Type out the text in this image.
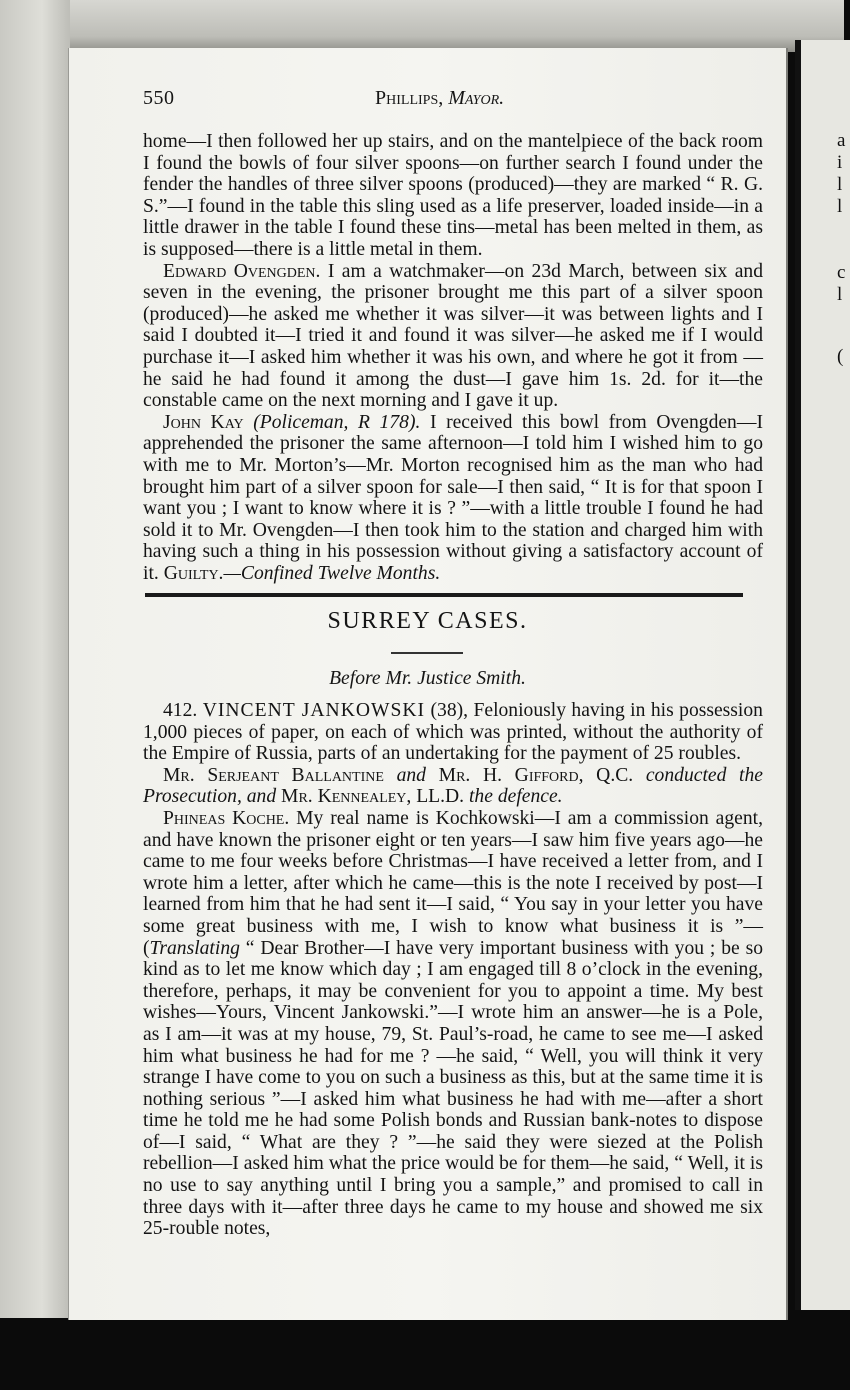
a
i
l
l
c
l
(
550	Phillips, Mayor.

home—I then followed her up stairs, and on the mantelpiece of the back room I found the bowls of four silver spoons—on further search I found under the fender the handles of three silver spoons (produced)—they are marked “ R. G. S.”—I found in the table this sling used as a life preserver, loaded inside—in a little drawer in the table I found these tins—metal has been melted in them, as is supposed—there is a little metal in them.

Edward Ovengden. I am a watchmaker—on 23d March, between six and seven in the evening, the prisoner brought me this part of a silver spoon (produced)—he asked me whether it was silver—it was between lights and I said I doubted it—I tried it and found it was silver—he asked me if I would purchase it—I asked him whether it was his own, and where he got it from —he said he had found it among the dust—I gave him 1s. 2d. for it—the constable came on the next morning and I gave it up.

John Kay (Policeman, R 178). I received this bowl from Ovengden—I apprehended the prisoner the same afternoon—I told him I wished him to go with me to Mr. Morton’s—Mr. Morton recognised him as the man who had brought him part of a silver spoon for sale—I then said, “ It is for that spoon I want you ; I want to know where it is ? ”—with a little trouble I found he had sold it to Mr. Ovengden—I then took him to the station and charged him with having such a thing in his possession without giving a satisfactory account of it. Guilty.—Confined Twelve Months.

SURREY CASES.
Before Mr. Justice Smith.

412. VINCENT JANKOWSKI (38), Feloniously having in his possession 1,000 pieces of paper, on each of which was printed, without the authority of the Empire of Russia, parts of an undertaking for the payment of 25 roubles.

Mr. Serjeant Ballantine and Mr. H. Gifford, Q.C. conducted the Prosecution, and Mr. Kennealey, LL.D. the defence.

Phineas Koche. My real name is Kochkowski—I am a commission agent, and have known the prisoner eight or ten years—I saw him five years ago—he came to me four weeks before Christmas—I have received a letter from, and I wrote him a letter, after which he came—this is the note I received by post—I learned from him that he had sent it—I said, “ You say in your letter you have some great business with me, I wish to know what business it is ”—(Translating “ Dear Brother—I have very important business with you ; be so kind as to let me know which day ; I am engaged till 8 o’clock in the evening, therefore, perhaps, it may be convenient for you to appoint a time. My best wishes—Yours, Vincent Jankowski.”—I wrote him an answer—he is a Pole, as I am—it was at my house, 79, St. Paul’s-road, he came to see me—I asked him what business he had for me ? —he said, “ Well, you will think it very strange I have come to you on such a business as this, but at the same time it is nothing serious ”—I asked him what business he had with me—after a short time he told me he had some Polish bonds and Russian bank-notes to dispose of—I said, “ What are they ? ”—he said they were siezed at the Polish rebellion—I asked him what the price would be for them—he said, “ Well, it is no use to say anything until I bring you a sample,” and promised to call in three days with it—after three days he came to my house and showed me six 25-rouble notes,
